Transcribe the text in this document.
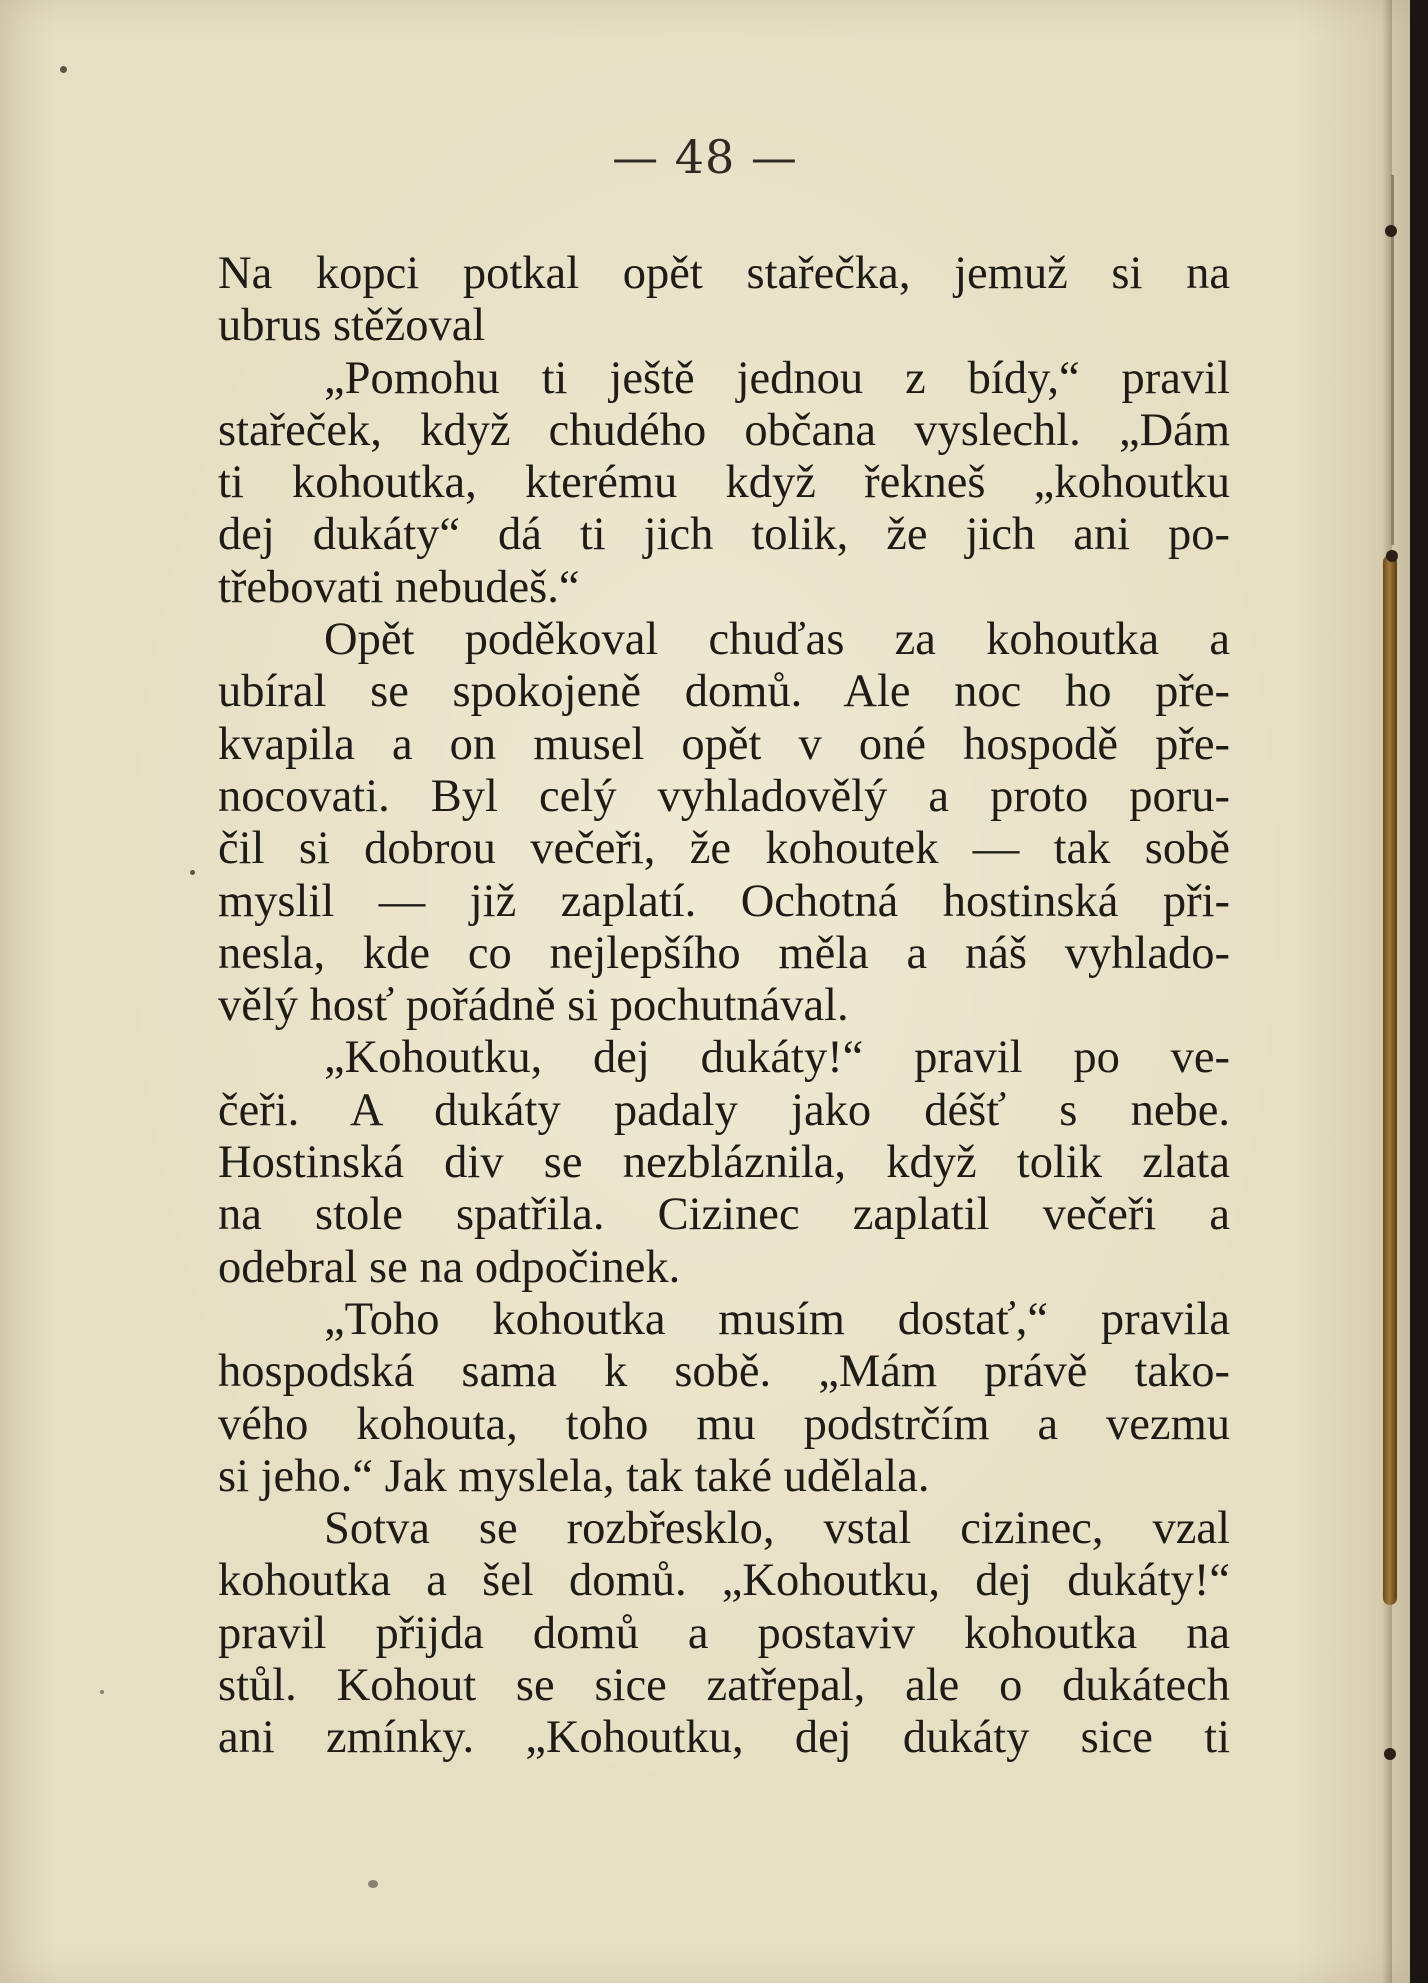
— 48 —
Na kopci potkal opět stařečka, jemuž si na
ubrus stěžoval
„Pomohu ti ještě jednou z bídy,“ pravil
stařeček, když chudého občana vyslechl. „Dám
ti kohoutka, kterému když řekneš „kohoutku
dej dukáty“ dá ti jich tolik, že jich ani po-
třebovati nebudeš.“
Opět poděkoval chuďas za kohoutka a
ubíral se spokojeně domů. Ale noc ho pře-
kvapila a on musel opět v oné hospodě pře-
nocovati. Byl celý vyhladovělý a proto poru-
čil si dobrou večeři, že kohoutek — tak sobě
myslil — již zaplatí. Ochotná hostinská při-
nesla, kde co nejlepšího měla a náš vyhlado-
vělý hosť pořádně si pochutnával.
„Kohoutku, dej dukáty!“ pravil po ve-
čeři. A dukáty padaly jako déšť s nebe.
Hostinská div se nezbláznila, když tolik zlata
na stole spatřila. Cizinec zaplatil večeři a
odebral se na odpočinek.
„Toho kohoutka musím dostať,“ pravila
hospodská sama k sobě. „Mám právě tako-
vého kohouta, toho mu podstrčím a vezmu
si jeho.“ Jak myslela, tak také udělala.
Sotva se rozbřesklo, vstal cizinec, vzal
kohoutka a šel domů. „Kohoutku, dej dukáty!“
pravil přijda domů a postaviv kohoutka na
stůl. Kohout se sice zatřepal, ale o dukátech
ani zmínky. „Kohoutku, dej dukáty sice ti
